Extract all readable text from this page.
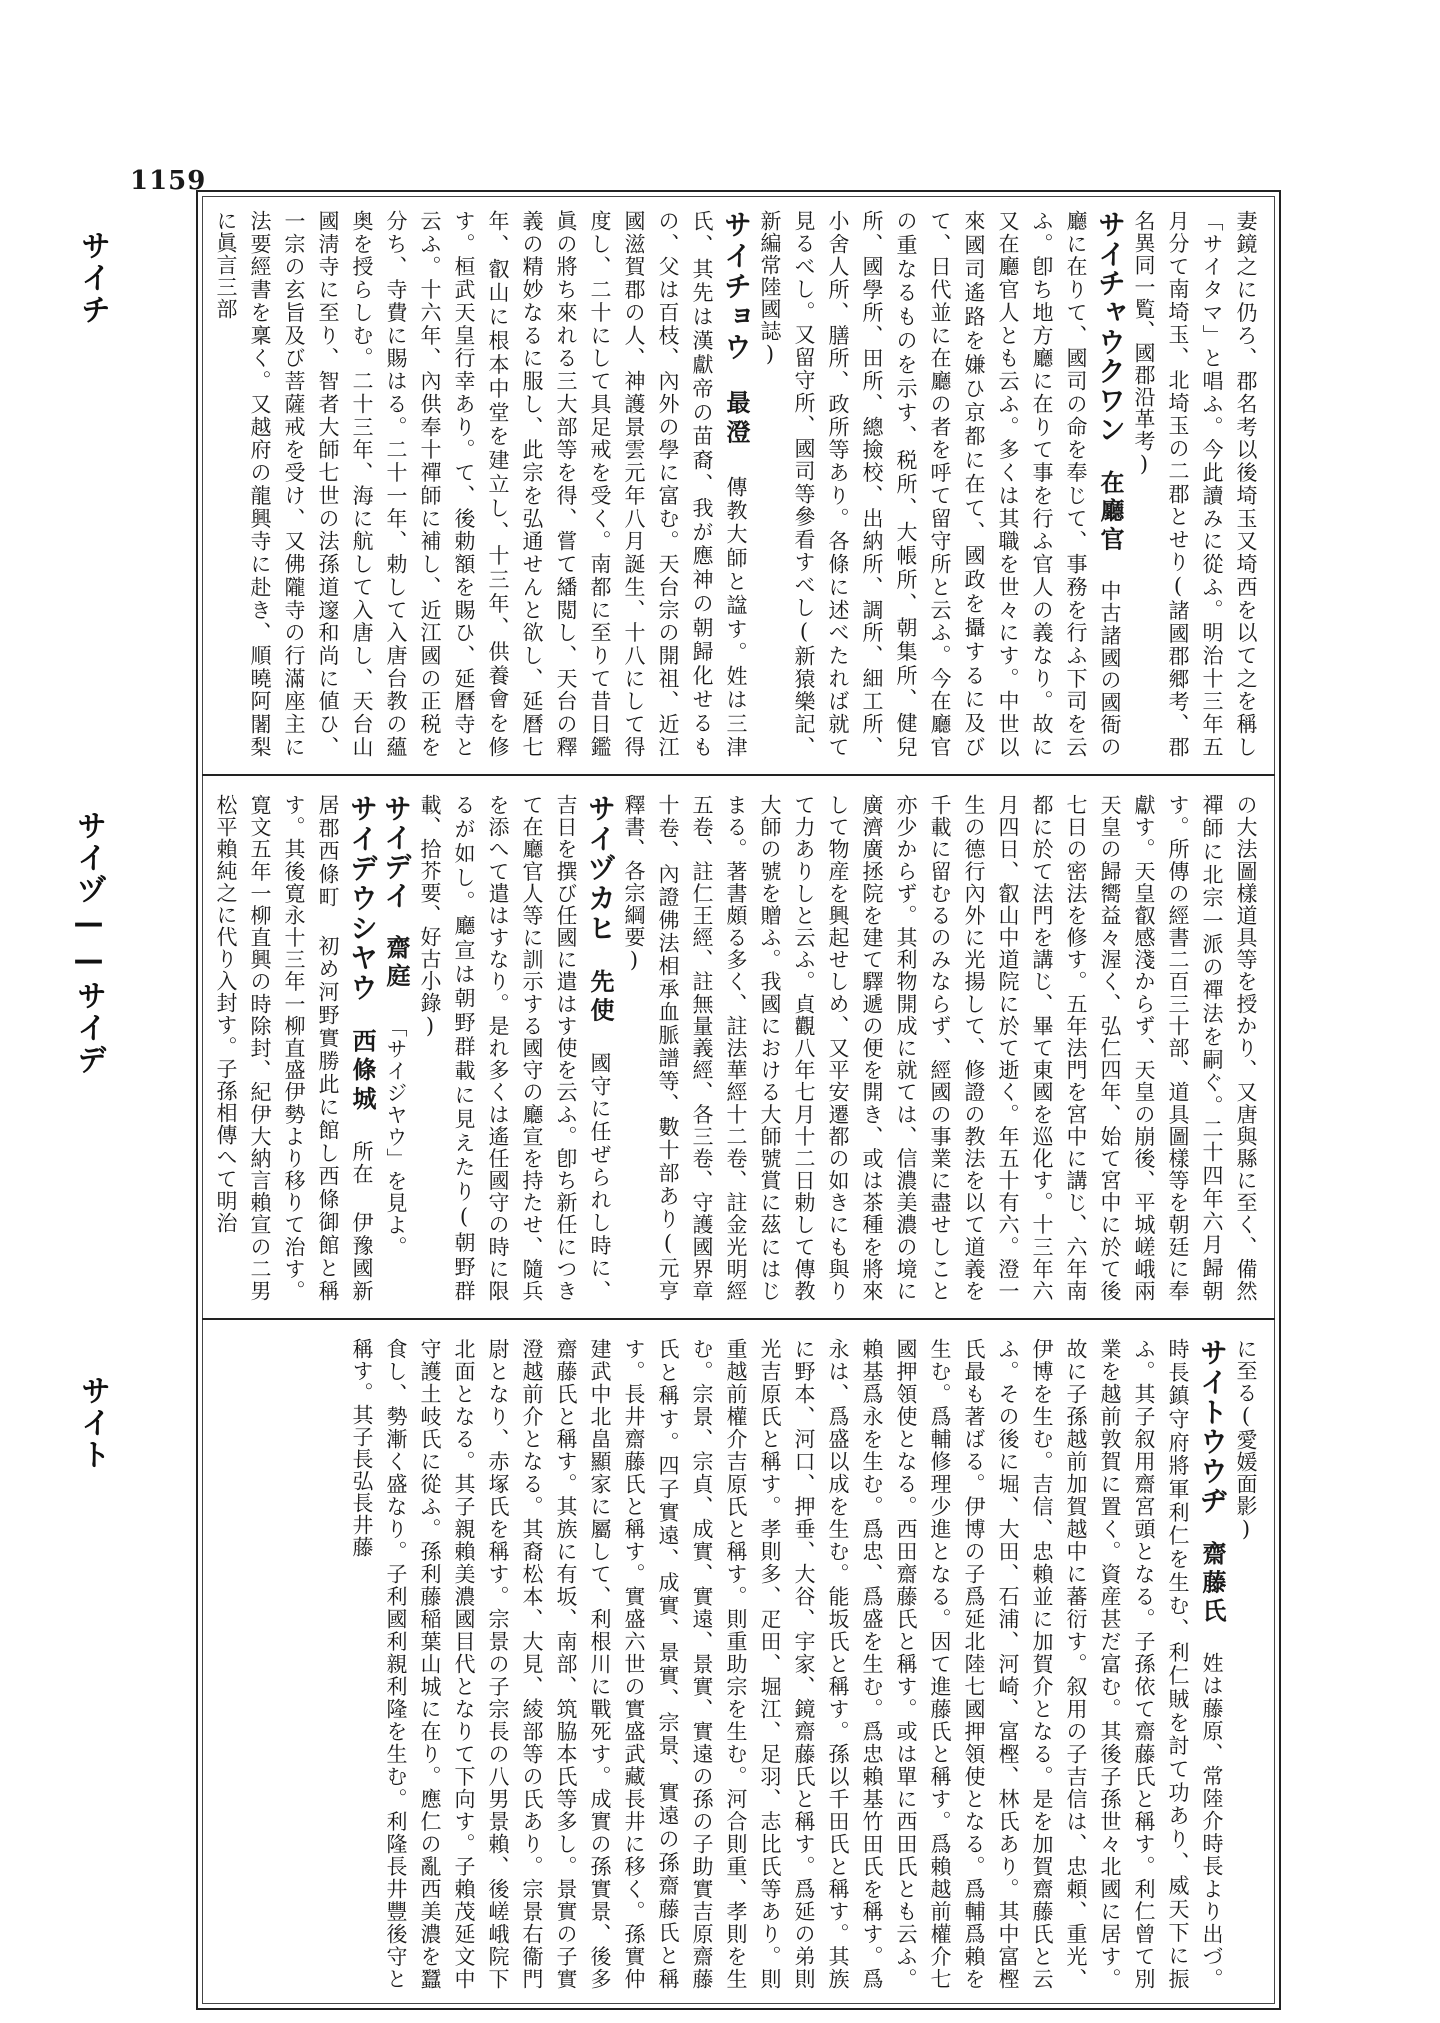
1159
サイチ
サイヅ——サイデ
サイト
妻鏡之に仍ろ、郡名考以後埼玉又埼西を以て之を稱し「サイタマ」と唱ふ。今此讀みに從ふ。明治十三年五月分て南埼玉、北埼玉の二郡とせり(諸國郡郷考、郡名異同一覧、國郡沿革考)
サイチャウクワン 在廳官 中古諸國の國衙の廳に在りて、國司の命を奉じて、事務を行ふ下司を云ふ。卽ち地方廳に在りて事を行ふ官人の義なり。故に又在廳官人とも云ふ。多くは其職を世々にす。中世以來國司遙路を嫌ひ京都に在て、國政を攝するに及びて、日代並に在廳の者を呼て留守所と云ふ。今在廳官の重なるものを示す、税所、大帳所、朝集所、健兒所、國學所、田所、總撿校、出納所、調所、細工所、小舍人所、膳所、政所等あり。各條に述べたれば就て見るべし。又留守所、國司等參看すべし(新猿樂記、新編常陸國誌)
サイチョウ 最澄 傳教大師と諡す。姓は三津氏、其先は漢獻帝の苗裔、我が應神の朝歸化せるもの、父は百枝、內外の學に富む。天台宗の開祖、近江國滋賀郡の人、神護景雲元年八月誕生、十八にして得度し、二十にして具足戒を受く。南都に至りて昔日鑑眞の將ち來れる三大部等を得、嘗て繙閲し、天台の釋義の精妙なるに服し、此宗を弘通せんと欲し、延曆七年、叡山に根本中堂を建立し、十三年、供養會を修す。桓武天皇行幸あり。て、後勅額を賜ひ、延曆寺と云ふ。十六年、內供奉十禪師に補し、近江國の正税を分ち、寺費に賜はる。二十一年、勅して入唐台教の蘊奥を授らしむ。二十三年、海に航して入唐し、天台山國淸寺に至り、智者大師七世の法孫道邃和尚に値ひ、一宗の玄旨及び菩薩戒を受け、又佛隴寺の行滿座主に法要經書を稟く。又越府の龍興寺に赴き、順曉阿闍梨に眞言三部
の大法圖樣道具等を授かり、又唐與縣に至く、備然禪師に北宗一派の禪法を嗣ぐ。二十四年六月歸朝す。所傳の經書二百三十部、道具圖樣等を朝廷に奉獻す。天皇叡感淺からず、天皇の崩後、平城嵯峨兩天皇の歸嚮益々渥く、弘仁四年、始て宮中に於て後七日の密法を修す。五年法門を宮中に講じ、六年南都に於て法門を講じ、畢て東國を巡化す。十三年六月四日、叡山中道院に於て逝く。年五十有六。澄一生の德行內外に光揚して、修證の教法を以て道義を千載に留むるのみならず、經國の事業に盡せしこと亦少からず。其利物開成に就ては、信濃美濃の境に廣濟廣拯院を建て驛遞の便を開き、或は茶種を將來して物産を興起せしめ、又平安遷都の如きにも與りて力ありしと云ふ。貞觀八年七月十二日勅して傳教大師の號を贈ふ。我國における大師號賞に茲にはじまる。著書頗る多く、註法華經十二卷、註金光明經五卷、註仁王經、註無量義經、各三卷、守護國界章十卷、內證佛法相承血脈譜等、數十部あり(元亨釋書、各宗綱要)
サイヅカヒ 先使 國守に任ぜられし時に、吉日を撰び任國に遣はす使を云ふ。卽ち新任につきて在廳官人等に訓示する國守の廳宣を持たせ、隨兵を添へて遣はすなり。是れ多くは遙任國守の時に限るが如し。廳宣は朝野群載に見えたり(朝野群載、拾芥要、好古小錄)
サイデイ 齋庭 「サイジヤウ」を見よ。
サイデウシヤウ 西條城 所在 伊豫國新居郡西條町 初め河野實勝此に館し西條御館と稱す。其後寛永十三年一柳直盛伊勢より移りて治す。寛文五年一柳直興の時除封、紀伊大納言賴宣の二男松平賴純之に代り入封す。子孫相傳へて明治
に至る(愛媛面影)
サイトウウヂ 齋藤氏 姓は藤原、常陸介時長より出づ。時長鎮守府將軍利仁を生む、利仁賊を討て功あり、威天下に振ふ。其子叙用齋宮頭となる。子孫依て齋藤氏と稱す。利仁曾て別業を越前敦賀に置く。資産甚だ富む。其後子孫世々北國に居す。故に子孫越前加賀越中に蕃衍す。叙用の子吉信は、忠頼、重光、伊博を生む。吉信、忠賴並に加賀介となる。是を加賀齋藤氏と云ふ。その後に堀、大田、石浦、河崎、富樫、林氏あり。其中富樫氏最も著ばる。伊博の子爲延北陸七國押領使となる。爲輔爲賴を生む。爲輔修理少進となる。因て進藤氏と稱す。爲賴越前權介七國押領使となる。西田齋藤氏と稱す。或は單に西田氏とも云ふ。賴基爲永を生む。爲忠、爲盛を生む。爲忠賴基竹田氏を稱す。爲永は、爲盛以成を生む。能坂氏と稱す。孫以千田氏と稱す。其族に野本、河口、押垂、大谷、宇家、鏡齋藤氏と稱す。爲延の弟則光吉原氏と稱す。孝則多、疋田、堀江、足羽、志比氏等あり。則重越前權介吉原氏と稱す。則重助宗を生む。河合則重、孝則を生む。宗景、宗貞、成實、實遠、景實、實遠の孫の子助實吉原齋藤氏と稱す。四子實遠、成實、景實、宗景、實遠の孫齋藤氏と稱す。長井齋藤氏と稱す。實盛六世の實盛武藏長井に移く。孫實仲建武中北畠顯家に屬して、利根川に戰死す。成實の孫實景、後多齋藤氏と稱す。其族に有坂、南部、筑脇本氏等多し。景實の子實澄越前介となる。其裔松本、大見、綾部等の氏あり。宗景右衞門尉となり、赤塚氏を稱す。宗景の子宗長の八男景賴、後嵯峨院下北面となる。其子親賴美濃國目代となりて下向す。子賴茂延文中守護土岐氏に從ふ。孫利藤稲葉山城に在り。應仁の亂西美濃を蠶食し、勢漸く盛なり。子利國利親利隆を生む。利隆長井豐後守と稱す。其子長弘長井藤
